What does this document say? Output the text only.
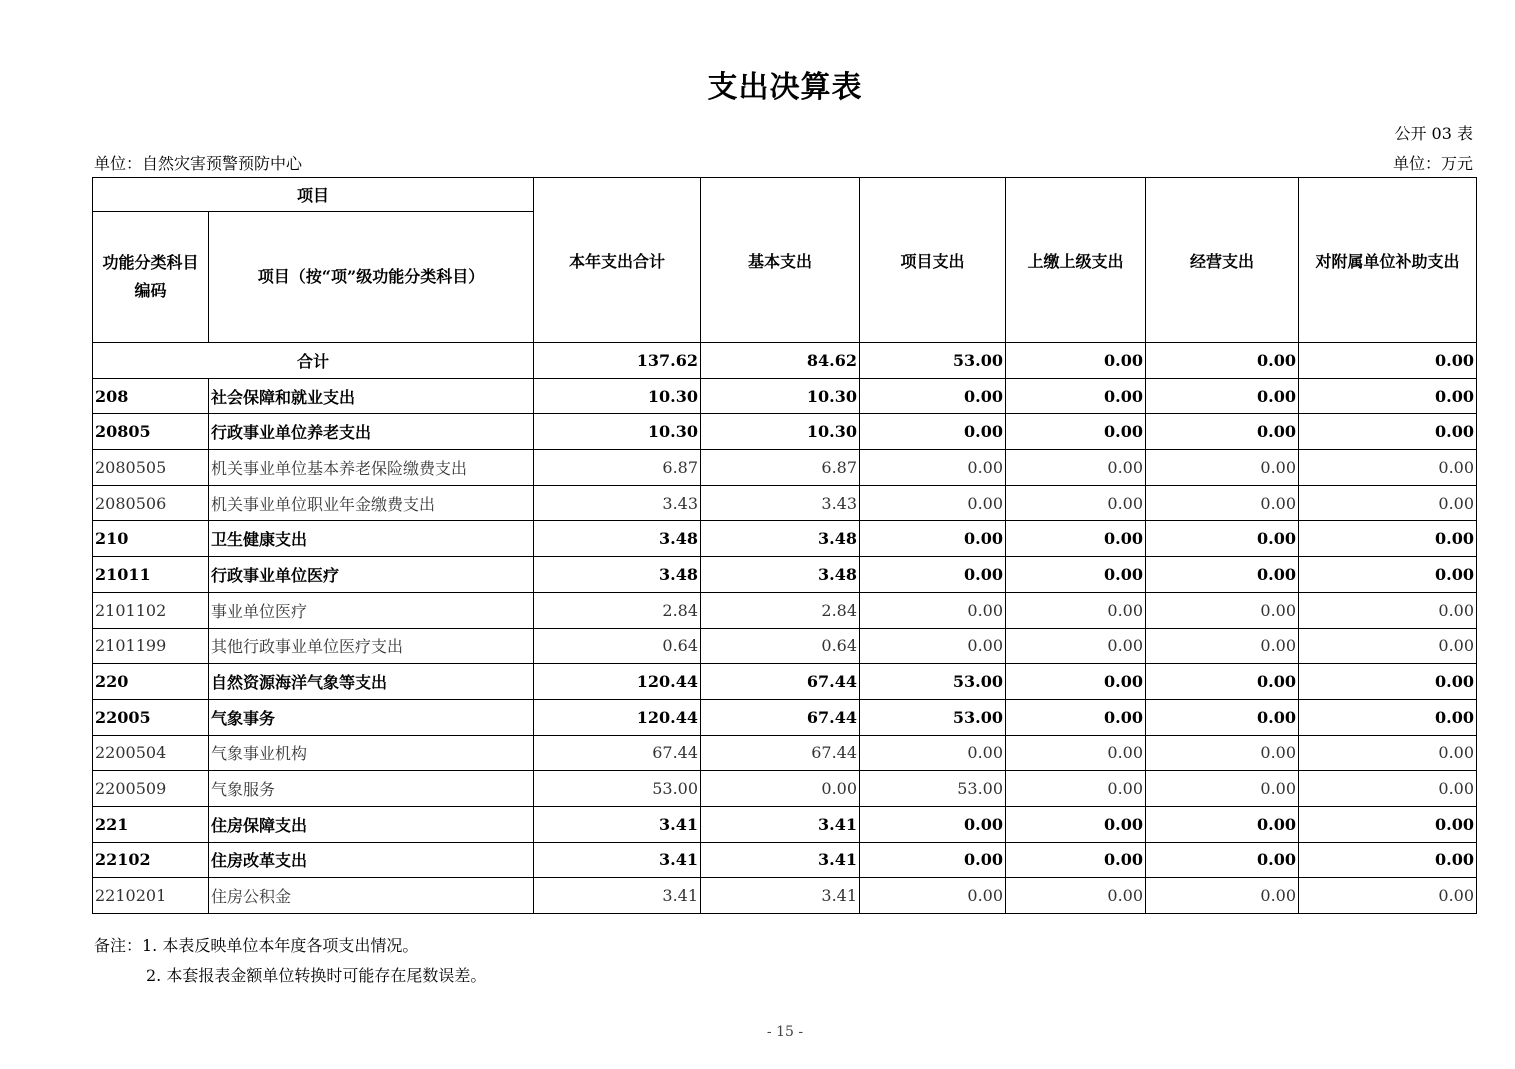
支出决算表
公开 03 表
单位：自然灾害预警预防中心	单位：万元
项目		本年支出合计	基本支出	项目支出	上缴上级支出	经营支出	对附属单位补助支出
功能分类科目编码	项目（按“项”级功能分类科目）						
合计		137.62	84.62	53.00	0.00	0.00	0.00
208	社会保障和就业支出	10.30	10.30	0.00	0.00	0.00	0.00
20805	行政事业单位养老支出	10.30	10.30	0.00	0.00	0.00	0.00
2080505	机关事业单位基本养老保险缴费支出	6.87	6.87	0.00	0.00	0.00	0.00
2080506	机关事业单位职业年金缴费支出	3.43	3.43	0.00	0.00	0.00	0.00
210	卫生健康支出	3.48	3.48	0.00	0.00	0.00	0.00
21011	行政事业单位医疗	3.48	3.48	0.00	0.00	0.00	0.00
2101102	事业单位医疗	2.84	2.84	0.00	0.00	0.00	0.00
2101199	其他行政事业单位医疗支出	0.64	0.64	0.00	0.00	0.00	0.00
220	自然资源海洋气象等支出	120.44	67.44	53.00	0.00	0.00	0.00
22005	气象事务	120.44	67.44	53.00	0.00	0.00	0.00
2200504	气象事业机构	67.44	67.44	0.00	0.00	0.00	0.00
2200509	气象服务	53.00	0.00	53.00	0.00	0.00	0.00
221	住房保障支出	3.41	3.41	0.00	0.00	0.00	0.00
22102	住房改革支出	3.41	3.41	0.00	0.00	0.00	0.00
2210201	住房公积金	3.41	3.41	0.00	0.00	0.00	0.00
备注：1. 本表反映单位本年度各项支出情况。
2. 本套报表金额单位转换时可能存在尾数误差。
- 15 -
